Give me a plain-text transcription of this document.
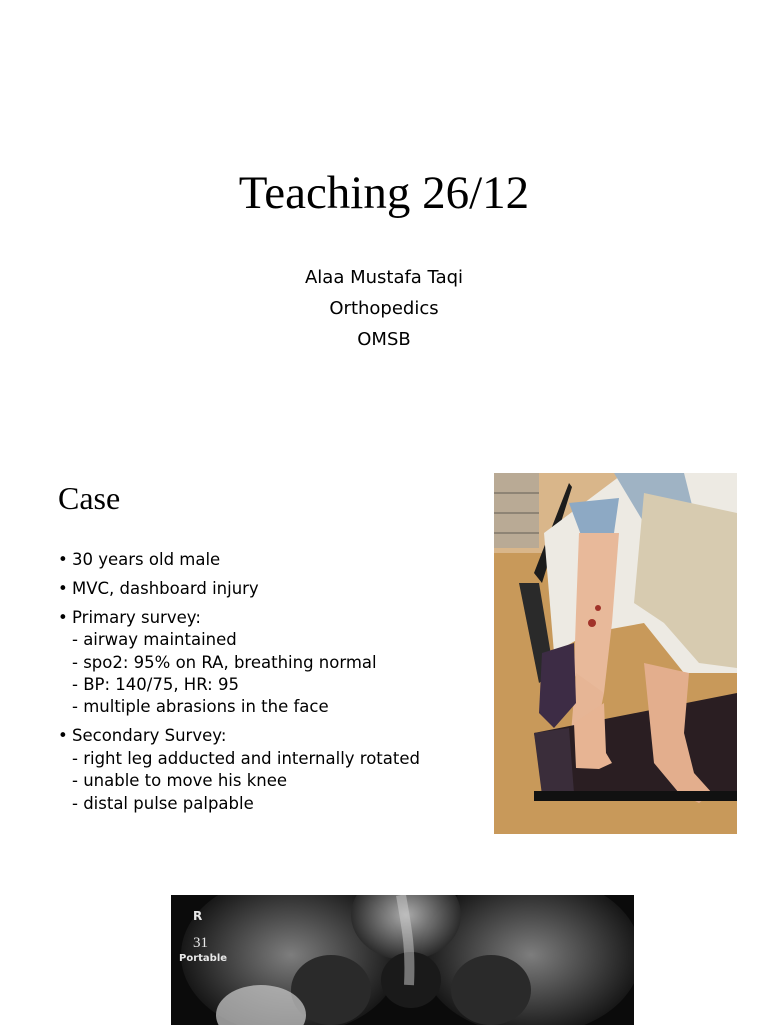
Teaching 26/12
Alaa Mustafa Taqi
Orthopedics
OMSB
Case
• 30 years old male
• MVC, dashboard injury
• Primary survey:
- airway maintained
- spo2: 95% on RA, breathing normal
- BP: 140/75, HR: 95
- multiple abrasions in the face
• Secondary Survey:
- right leg adducted and internally rotated
- unable to move his knee
- distal pulse palpable
R
31
Portable
